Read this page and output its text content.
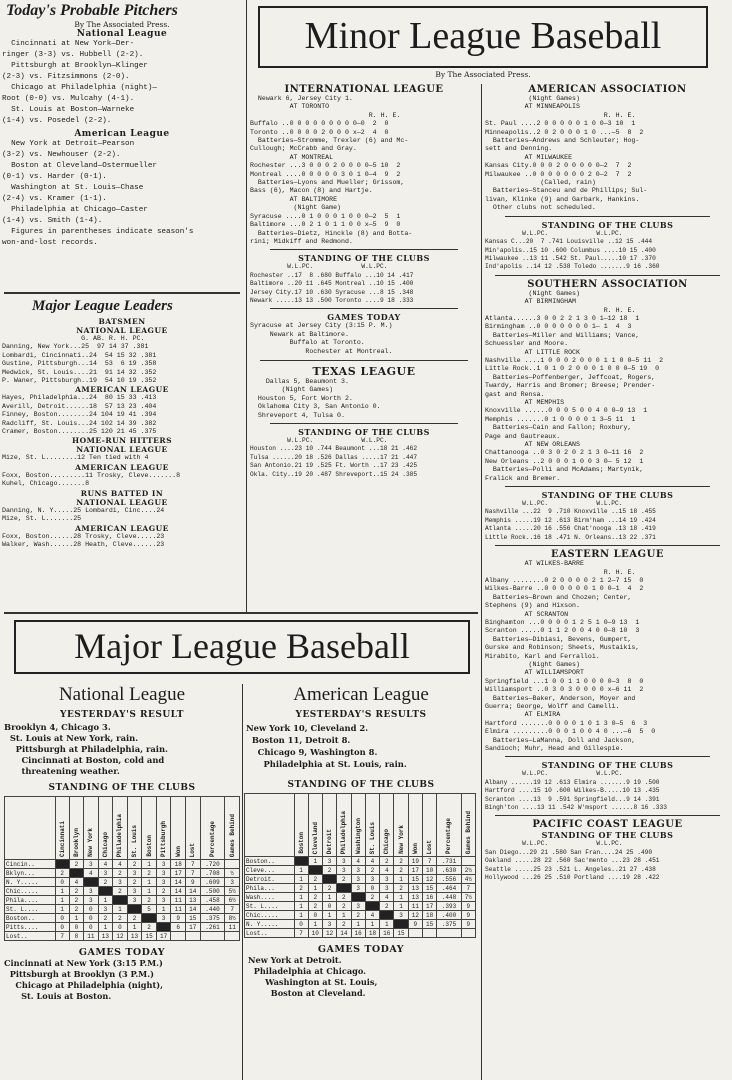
Today's Probable Pitchers
By The Associated Press.
National League
Cincinnati at New York—Der-
ringer (3-3) vs. Hubbell (2-2).
Pittsburgh at Brooklyn—Klinger
(2-3) vs. Fitzsimmons (2-0).
Chicago at Philadelphia (night)—
Root (0-0) vs. Mulcahy (4-1).
St. Louis at Boston—Warneke
(1-4) vs. Posedel (2-2).
American League
New York at Detroit—Pearson
(3-2) vs. Newhouser (2-2).
Boston at Cleveland—Ostermueller
(0-1) vs. Harder (0-1).
Washington at St. Louis—Chase
(2-4) vs. Kramer (1-1).
Philadelphia at Chicago—Caster
(1-4) vs. Smith (1-4).
Figures in parentheses indicate season's
won-and-lost records.
Major League Leaders
BATSMEN
NATIONAL LEAGUE
G. AB. R. H. PC.
Danning, New York...25  97 14 37 .381
Lombardi, Cincinnati..24  54 15 32 .381
Gustine, Pittsburgh...14  53  6 19 .358
Medwick, St. Louis....21  91 14 32 .352
P. Waner, Pittsburgh..19  54 10 19 .352
AMERICAN LEAGUE
Hayes, Philadelphia...24  80 15 33 .413
Averill, Detroit......18  57 13 23 .404
Finney, Boston........24 104 19 41 .394
Radcliff, St. Louis...24 102 14 39 .382
Cramer, Boston........25 120 21 45 .375
HOME-RUN HITTERS
NATIONAL LEAGUE
Mize, St. L........12 Ten tied with 4
AMERICAN LEAGUE
Foxx, Boston.........11 Trosky, Cleve.......8
Kuhel, Chicago.......8
RUNS BATTED IN
NATIONAL LEAGUE
Danning, N. Y.....25 Lombardi, Cinc....24
Mize, St. L.......25
AMERICAN LEAGUE
Foxx, Boston......28 Trosky, Cleve.....23
Walker, Wash......28 Heath, Cleve......23
Minor League Baseball
By The Associated Press.
INTERNATIONAL LEAGUE
Newark 6, Jersey City 1.
AT TORONTO
R. H. E.
Buffalo ..0 0 0 0 0 0 0 0 0—0  2  0
Toronto ..0 0 0 0 2 0 0 0 x—2  4  0
Batteries—Stromme, Trexler (6) and Mc-
Cullough; McCrabb and Gray.
AT MONTREAL
Rochester ...3 0 0 0 2 0 0 0 0—5 10  2
Montreal ....0 0 0 0 0 3 0 1 0—4  9  2
Batteries—Lyons and Mueller; Grissom,
Bass (6), Macon (8) and Hartje.
AT BALTIMORE
(Night Game)
Syracuse ....0 1 0 0 0 1 0 0 0—2  5  1
Baltimore ...0 2 1 0 1 1 0 0 x—5  9  0
Batteries—Dietz, Hinckle (8) and Botta-
rini; Midkiff and Redmond.
STANDING OF THE CLUBS
W.L.PC.             W.L.PC.
Rochester ..17  8 .680 Buffalo ...10 14 .417
Baltimore ..20 11 .645 Montreal ..10 15 .400
Jersey City.17 10 .630 Syracuse ...8 15 .348
Newark .....13 13 .500 Toronto ....9 18 .333
GAMES TODAY
Syracuse at Jersey City (3:15 P. M.)
Newark at Baltimore.
Buffalo at Toronto.
Rochester at Montreal.
TEXAS LEAGUE
Dallas 5, Beaumont 3.
(Night Games)
Houston 5, Fort Worth 2.
Oklahoma City 3, San Antonio 0.
Shreveport 4, Tulsa 0.
STANDING OF THE CLUBS
W.L.PC.             W.L.PC.
Houston ....23 10 .744 Beaumont ...18 21 .462
Tulsa ......20 18 .526 Dallas .....17 21 .447
San Antonio.21 19 .525 Ft. Worth ..17 23 .425
Okla. City..19 20 .487 Shreveport..15 24 .385
AMERICAN ASSOCIATION
(Night Games)
AT MINNEAPOLIS
R. H. E.
St. Paul ....2 0 0 0 0 0 1 0 0—3 10  1
Minneapolis..2 0 2 0 0 0 1 0 ...—5  8  2
Batteries—Andrews and Schleuter; Hog-
sett and Denning.
AT MILWAUKEE
Kansas City.0 0 0 2 0 0 0 0 0—2  7  2
Milwaukee ..0 0 0 0 0 0 0 2 0—2  7  2
(Called, rain)
Batteries—Stanceu and de Phillips; Sul-
livan, Klinke (9) and Garbark, Hankins.
Other clubs not scheduled.
STANDING OF THE CLUBS
W.L.PC.             W.L.PC.
Kansas C...20  7 .741 Louisville ..12 15 .444
Min'apolis..15 10 .600 Columbus ....10 15 .400
Milwaukee ..13 11 .542 St. Paul.....10 17 .370
Ind'apolis ..14 12 .538 Toledo .......9 16 .360
SOUTHERN ASSOCIATION
(Night Games)
AT BIRMINGHAM
R. H. E.
Atlanta......3 0 0 2 2 1 3 0 1—12 18  1
Birmingham ..0 0 0 0 0 0 0 1— 1  4  3
Batteries—Miller and Williams; Vance,
Schuessler and Moore.
AT LITTLE ROCK
Nashville ....1 0 0 0 2 0 0 0 1 1 0 0—5 11  2
Little Rock..1 0 1 0 2 0 0 0 1 0 0 0—5 19  0
Batteries—Poffenberger, Jeffcoat, Rogers,
Twardy, Harris and Bromer; Breese; Prender-
gast and Rensa.
AT MEMPHIS
Knoxville ......0 0 0 5 0 0 4 0 0—9 13  1
Memphis .......0 1 0 0 0 0 1 3—5 11  1
Batteries—Cain and Fallon; Roxbury,
Page and Gautreaux.
AT NEW ORLEANS
Chattanooga ..0 3 0 2 0 2 1 3 0—11 16  2
New Orleans ..2 0 0 0 1 0 0 3 0— 5 12  1
Batteries—Polli and McAdams; Martynik,
Fralick and Bremer.
STANDING OF THE CLUBS
W.L.PC.             W.L.PC.
Nashville ...22  9 .710 Knoxville ..15 18 .455
Memphis .....19 12 .613 Birm'ham ...14 19 .424
Atlanta .....20 16 .556 Chat'nooga .13 18 .419
Little Rock..16 18 .471 N. Orleans..13 22 .371
EASTERN LEAGUE
AT WILKES-BARRE
R. H. E.
Albany ........0 2 0 0 0 0 2 1 2—7 15  0
Wilkes-Barre ..0 0 0 0 0 0 1 0 0—1  4  2
Batteries—Brown and Chozen; Center,
Stephens (9) and Hixson.
AT SCRANTON
Binghamton ...0 0 0 0 1 2 5 1 0—9 13  1
Scranton .....0 1 1 2 0 0 4 0 0—8 10  3
Batteries—Dibiasi, Bevens, Gumpert,
Gurske and Robinson; Sheets, Mustaikis,
Mirabito, Karl and Ferralloi.
(Night Games)
AT WILLIAMSPORT
Springfield ...1 0 0 1 1 0 0 0 0—3  8  0
Williamsport ..0 3 0 3 0 0 0 0 x—6 11  2
Batteries—Baker, Anderson, Moyer and
Guerra; George, Wolff and Camelli.
AT ELMIRA
Hartford .......0 0 0 0 1 0 1 3 0—5  6  3
Elmira .........0 0 0 1 0 0 4 0 ...—6  5  0
Batteries—LaManna, Doll and Jackson,
Sandioch; Muhr, Head and Gillespie.
STANDING OF THE CLUBS
W.L.PC.             W.L.PC.
Albany ......19 12 .613 Elmira .......9 19 .500
Hartford ....15 10 .600 Wilkes-B.....10 13 .435
Scranton ....13  9 .591 Springfield...9 14 .391
Bingh'ton ....13 11 .542 W'msport ......8 16 .333
PACIFIC COAST LEAGUE
STANDING OF THE CLUBS
W.L.PC.             W.L.PC.
San Diego...29 21 .580 San Fran....24 25 .490
Oakland .....28 22 .560 Sac'mento ...23 28 .451
Seattle .....25 23 .521 L. Angeles..21 27 .438
Hollywood ...26 25 .510 Portland ....19 28 .422
Major League Baseball
National League
YESTERDAY'S RESULT
Brooklyn 4, Chicago 3.
St. Louis at New York, rain.
Pittsburgh at Philadelphia, rain.
Cincinnati at Boston, cold and
threatening weather.
STANDING OF THE CLUBS
	Cincinnati	Brooklyn	New York	Chicago	Philadelphia	St. Louis	Boston	Pittsburgh	Won	Lost	Percentage	Games Behind
Cincin..	-	2	3	4	4	2	1	3	18	7	.720	
Bklyn...	2	-	4	3	2	3	2	3	17	7	.708	½
N. Y.....	0	4	-	2	3	2	1	3	14	9	.609	3
Chic.....	1	2	3	-	2	3	1	2	14	14	.500	5½
Phila....	1	2	3	1	-	3	2	3	11	13	.458	6½
St. L....	1	2	0	3	1	-	5	1	11	14	.440	7
Boston..	0	1	0	2	2	2	-	3	9	15	.375	8½
Pitts....	0	0	0	1	0	1	2	-	6	17	.261	11
Lost..	7	8	11	13	12	13	15	17				
GAMES TODAY
Cincinnati at New York (3:15 P.M.)
Pittsburgh at Brooklyn (3 P.M.)
Chicago at Philadelphia (night),
St. Louis at Boston.
American League
YESTERDAY'S RESULTS
New York 10, Cleveland 2.
Boston 11, Detroit 8.
Chicago 9, Washington 8.
Philadelphia at St. Louis, rain.
STANDING OF THE CLUBS
	Boston	Cleveland	Detroit	Philadelphia	Washington	St. Louis	Chicago	New York	Won	Lost	Percentage	Games Behind
Boston..	-	1	3	3	4	4	2	2	19	7	.731	
Cleve...	1	-	2	3	3	2	4	2	17	10	.630	2½
Detroit.	1	2	-	2	3	3	3	1	15	12	.556	4½
Phila...	2	1	2	-	3	0	3	2	13	15	.464	7
Wash....	1	2	1	2	-	2	4	1	13	16	.448	7½
St. L....	1	2	0	2	3	-	2	1	11	17	.393	9
Chic.....	1	0	1	1	2	4	-	3	12	18	.400	9
N. Y.....	0	1	3	2	1	1	1	-	9	15	.375	9
Lost..	7	10	12	14	16	18	16	15				
GAMES TODAY
New York at Detroit.
Philadelphia at Chicago.
Washington at St. Louis,
Boston at Cleveland.
